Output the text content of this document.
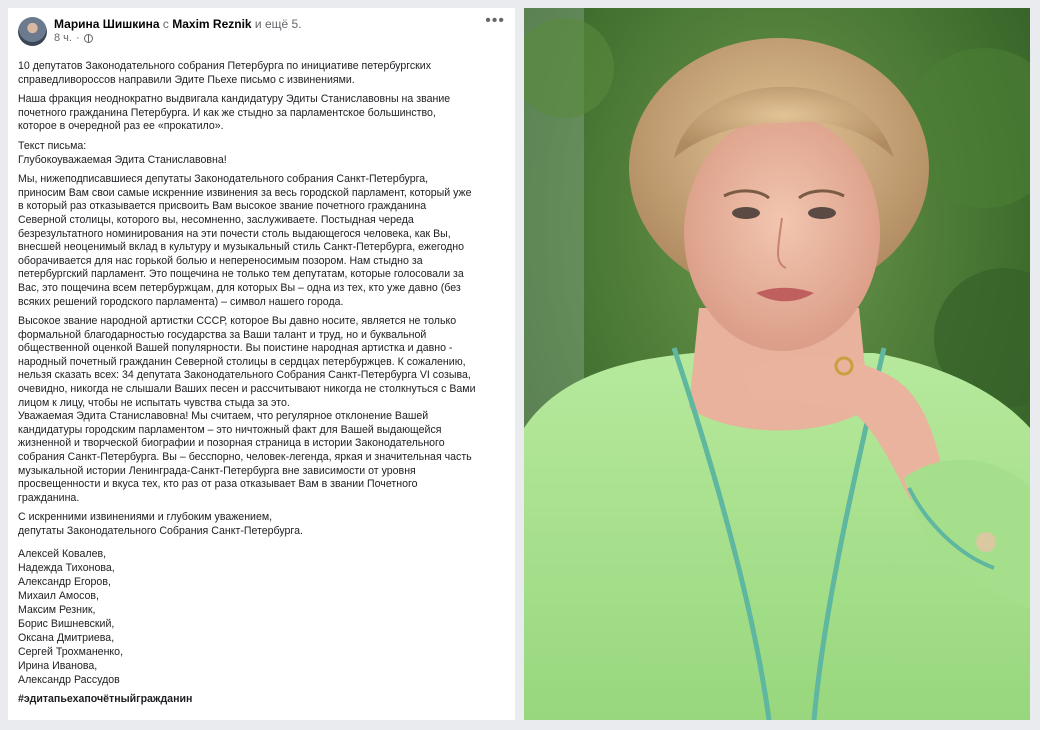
Марина Шишкина с Maxim Reznik и ещё 5.
8 ч. ·
•••

10 депутатов Законодательного собрания Петербурга по инициативе петербургских
справедливороссов направили Эдите Пьехе письмо с извинениями.

Наша фракция неоднократно выдвигала кандидатуру Эдиты Станиславовны на звание
почетного гражданина Петербурга. И как же стыдно за парламентское большинство,
которое в очередной раз ее «прокатило».

Текст письма:
Глубокоуважаемая Эдита Станиславовна!

Мы, нижеподписавшиеся депутаты Законодательного собрания Санкт-Петербурга,
приносим Вам свои самые искренние извинения за весь городской парламент, который уже
в который раз отказывается присвоить Вам высокое звание почетного гражданина
Северной столицы, которого вы, несомненно, заслуживаете. Постыдная череда
безрезультатного номинирования на эти почести столь выдающегося человека, как Вы,
внесшей неоценимый вклад в культуру и музыкальный стиль Санкт-Петербурга, ежегодно
оборачивается для нас горькой болью и непереносимым позором. Нам стыдно за
петербургский парламент. Это пощечина не только тем депутатам, которые голосовали за
Вас, это пощечина всем петербуржцам, для которых Вы – одна из тех, кто уже давно (без
всяких решений городского парламента) – символ нашего города.

Высокое звание народной артистки СССР, которое Вы давно носите, является не только
формальной благодарностью государства за Ваши талант и труд, но и буквальной
общественной оценкой Вашей популярности. Вы поистине народная артистка и давно -
народный почетный гражданин Северной столицы в сердцах петербуржцев. К сожалению,
нельзя сказать всех: 34 депутата Законодательного Собрания Санкт-Петербурга VI созыва,
очевидно, никогда не слышали Ваших песен и рассчитывают никогда не столкнуться с Вами
лицом к лицу, чтобы не испытать чувства стыда за это.

Уважаемая Эдита Станиславовна! Мы считаем, что регулярное отклонение Вашей
кандидатуры городским парламентом – это ничтожный факт для Вашей выдающейся
жизненной и творческой биографии и позорная страница в истории Законодательного
собрания Санкт-Петербурга. Вы – бесспорно, человек-легенда, яркая и значительная часть
музыкальной истории Ленинграда-Санкт-Петербурга вне зависимости от уровня
просвещенности и вкуса тех, кто раз от раза отказывает Вам в звании Почетного
гражданина.

С искренними извинениями и глубоким уважением,
депутаты Законодательного Собрания Санкт-Петербурга.

Алексей Ковалев,
Надежда Тихонова,
Александр Егоров,
Михаил Амосов,
Максим Резник,
Борис Вишневский,
Оксана Дмитриева,
Сергей Трохманенко,
Ирина Иванова,
Александр Рассудов
#эдитапьехапочётныйгражданин
